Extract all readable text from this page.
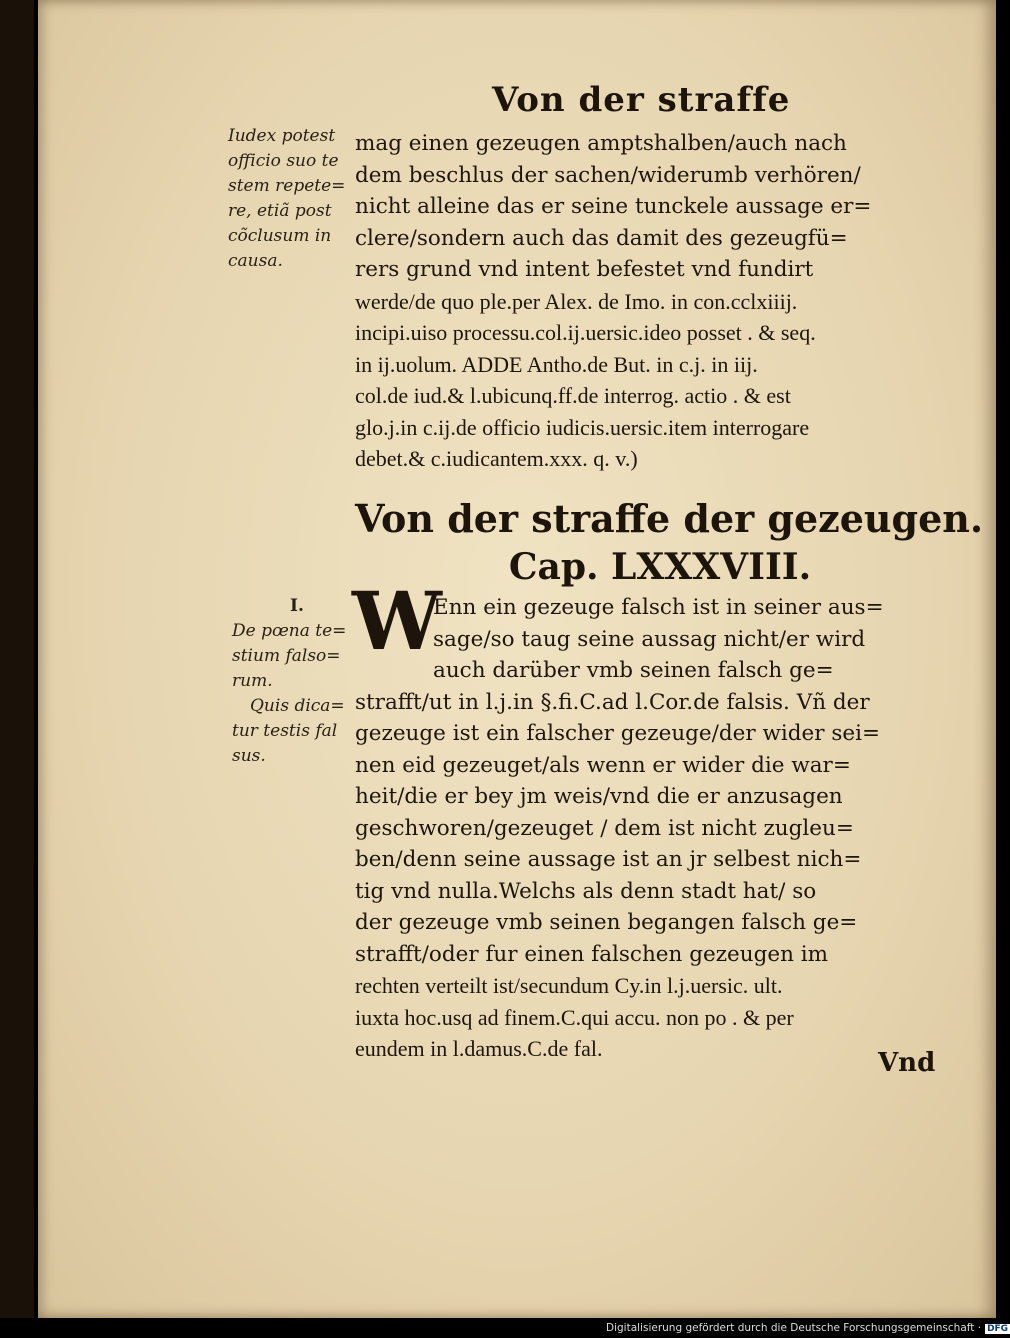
Von der straffe
Iudex potest
officio suo te
stem repete=
re, etiã post
cõclusum in
causa.
mag einen gezeugen amptshalben/auch nach
dem beschlus der sachen/widerumb verhören/
nicht alleine das er seine tunckele aussage er=
clere/sondern auch das damit des gezeugfü=
rers grund vnd intent befestet vnd fundirt
werde/de quo ple.per Alex. de Imo. in con.cclxiiij.
incipi.uiso processu.col.ij.uersic.ideo posset . & seq.
in ij.uolum. ADDE Antho.de But. in c.j. in iij.
col.de iud.& l.ubicunq.ff.de interrog. actio . & est
glo.j.in c.ij.de officio iudicis.uersic.item interrogare
debet.& c.iudicantem.xxx. q. v.)
Von der straffe der gezeugen.
Cap. LXXXVIII.
I.
De pœna te=
stium falso=
rum.
Quis dica=
tur testis fal
sus.
W
Enn ein gezeuge falsch ist in seiner aus=
sage/so taug seine aussag nicht/er wird
auch darüber vmb seinen falsch ge=
strafft/ut in l.j.in §.fi.C.ad l.Cor.de falsis. Vñ der
gezeuge ist ein falscher gezeuge/der wider sei=
nen eid gezeuget/als wenn er wider die war=
heit/die er bey jm weis/vnd die er anzusagen
geschworen/gezeuget / dem ist nicht zugleu=
ben/denn seine aussage ist an jr selbest nich=
tig vnd nulla.Welchs als denn stadt hat/ so
der gezeuge vmb seinen begangen falsch ge=
strafft/oder fur einen falschen gezeugen im
rechten verteilt ist/secundum Cy.in l.j.uersic. ult.
iuxta hoc.usq ad finem.C.qui accu. non po . & per
eundem in l.damus.C.de fal.	Vnd
Digitalisierung gefördert durch die Deutsche Forschungsgemeinschaft · DFG
